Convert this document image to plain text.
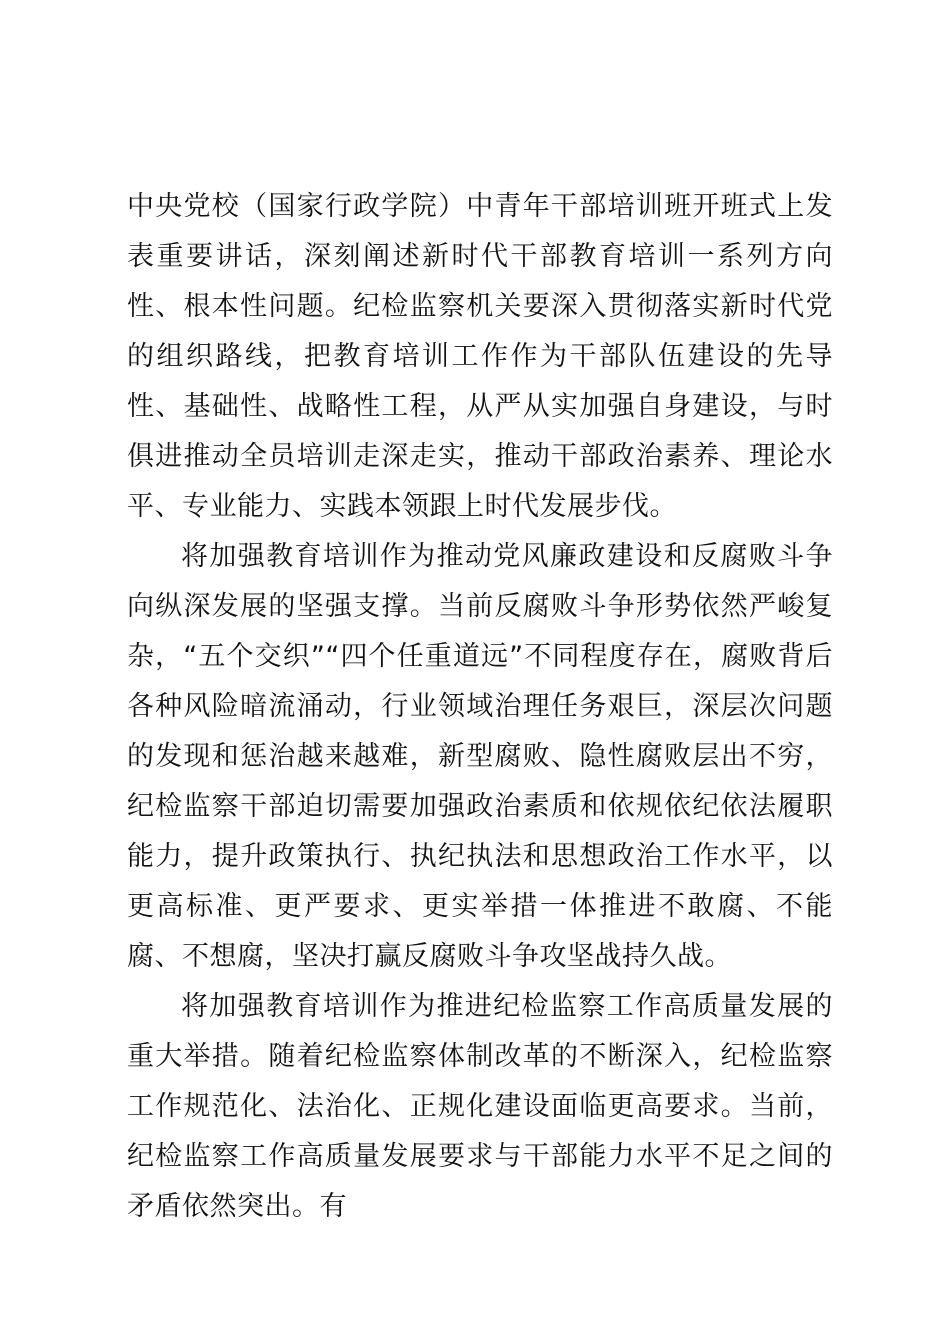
中央党校（国家行政学院）中青年干部培训班开班式上发表重要讲话，深刻阐述新时代干部教育培训一系列方向性、根本性问题。纪检监察机关要深入贯彻落实新时代党的组织路线，把教育培训工作作为干部队伍建设的先导性、基础性、战略性工程，从严从实加强自身建设，与时俱进推动全员培训走深走实，推动干部政治素养、理论水平、专业能力、实践本领跟上时代发展步伐。

将加强教育培训作为推动党风廉政建设和反腐败斗争向纵深发展的坚强支撑。当前反腐败斗争形势依然严峻复杂，“五个交织”“四个任重道远”不同程度存在，腐败背后各种风险暗流涌动，行业领域治理任务艰巨，深层次问题的发现和惩治越来越难，新型腐败、隐性腐败层出不穷，纪检监察干部迫切需要加强政治素质和依规依纪依法履职能力，提升政策执行、执纪执法和思想政治工作水平，以更高标准、更严要求、更实举措一体推进不敢腐、不能腐、不想腐，坚决打赢反腐败斗争攻坚战持久战。

将加强教育培训作为推进纪检监察工作高质量发展的重大举措。随着纪检监察体制改革的不断深入，纪检监察工作规范化、法治化、正规化建设面临更高要求。当前，纪检监察工作高质量发展要求与干部能力水平不足之间的矛盾依然突出。有
